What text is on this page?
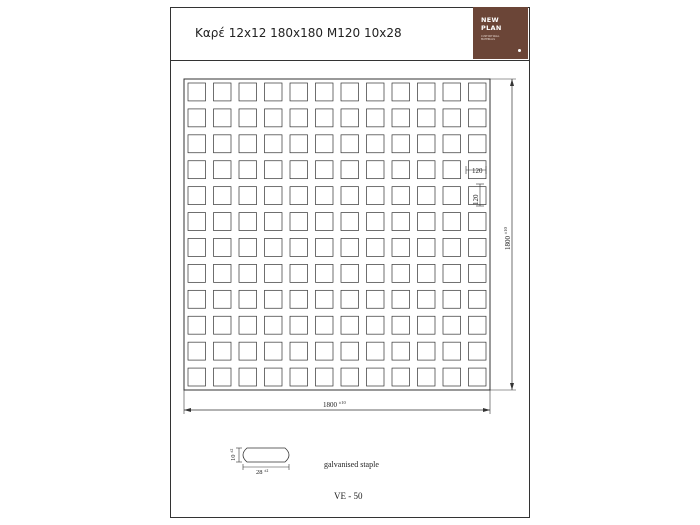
Καρέ 12x12 180x180 M120 10x28
NEW
PLAN
CUSTOM WALL
MATERIALS
120
120
1800 $^{\pm 10}$
1800 $^{\pm 10}$
10 $^{\pm 2}$
28 $^{\pm 2}$
galvanised staple
VE - 50
